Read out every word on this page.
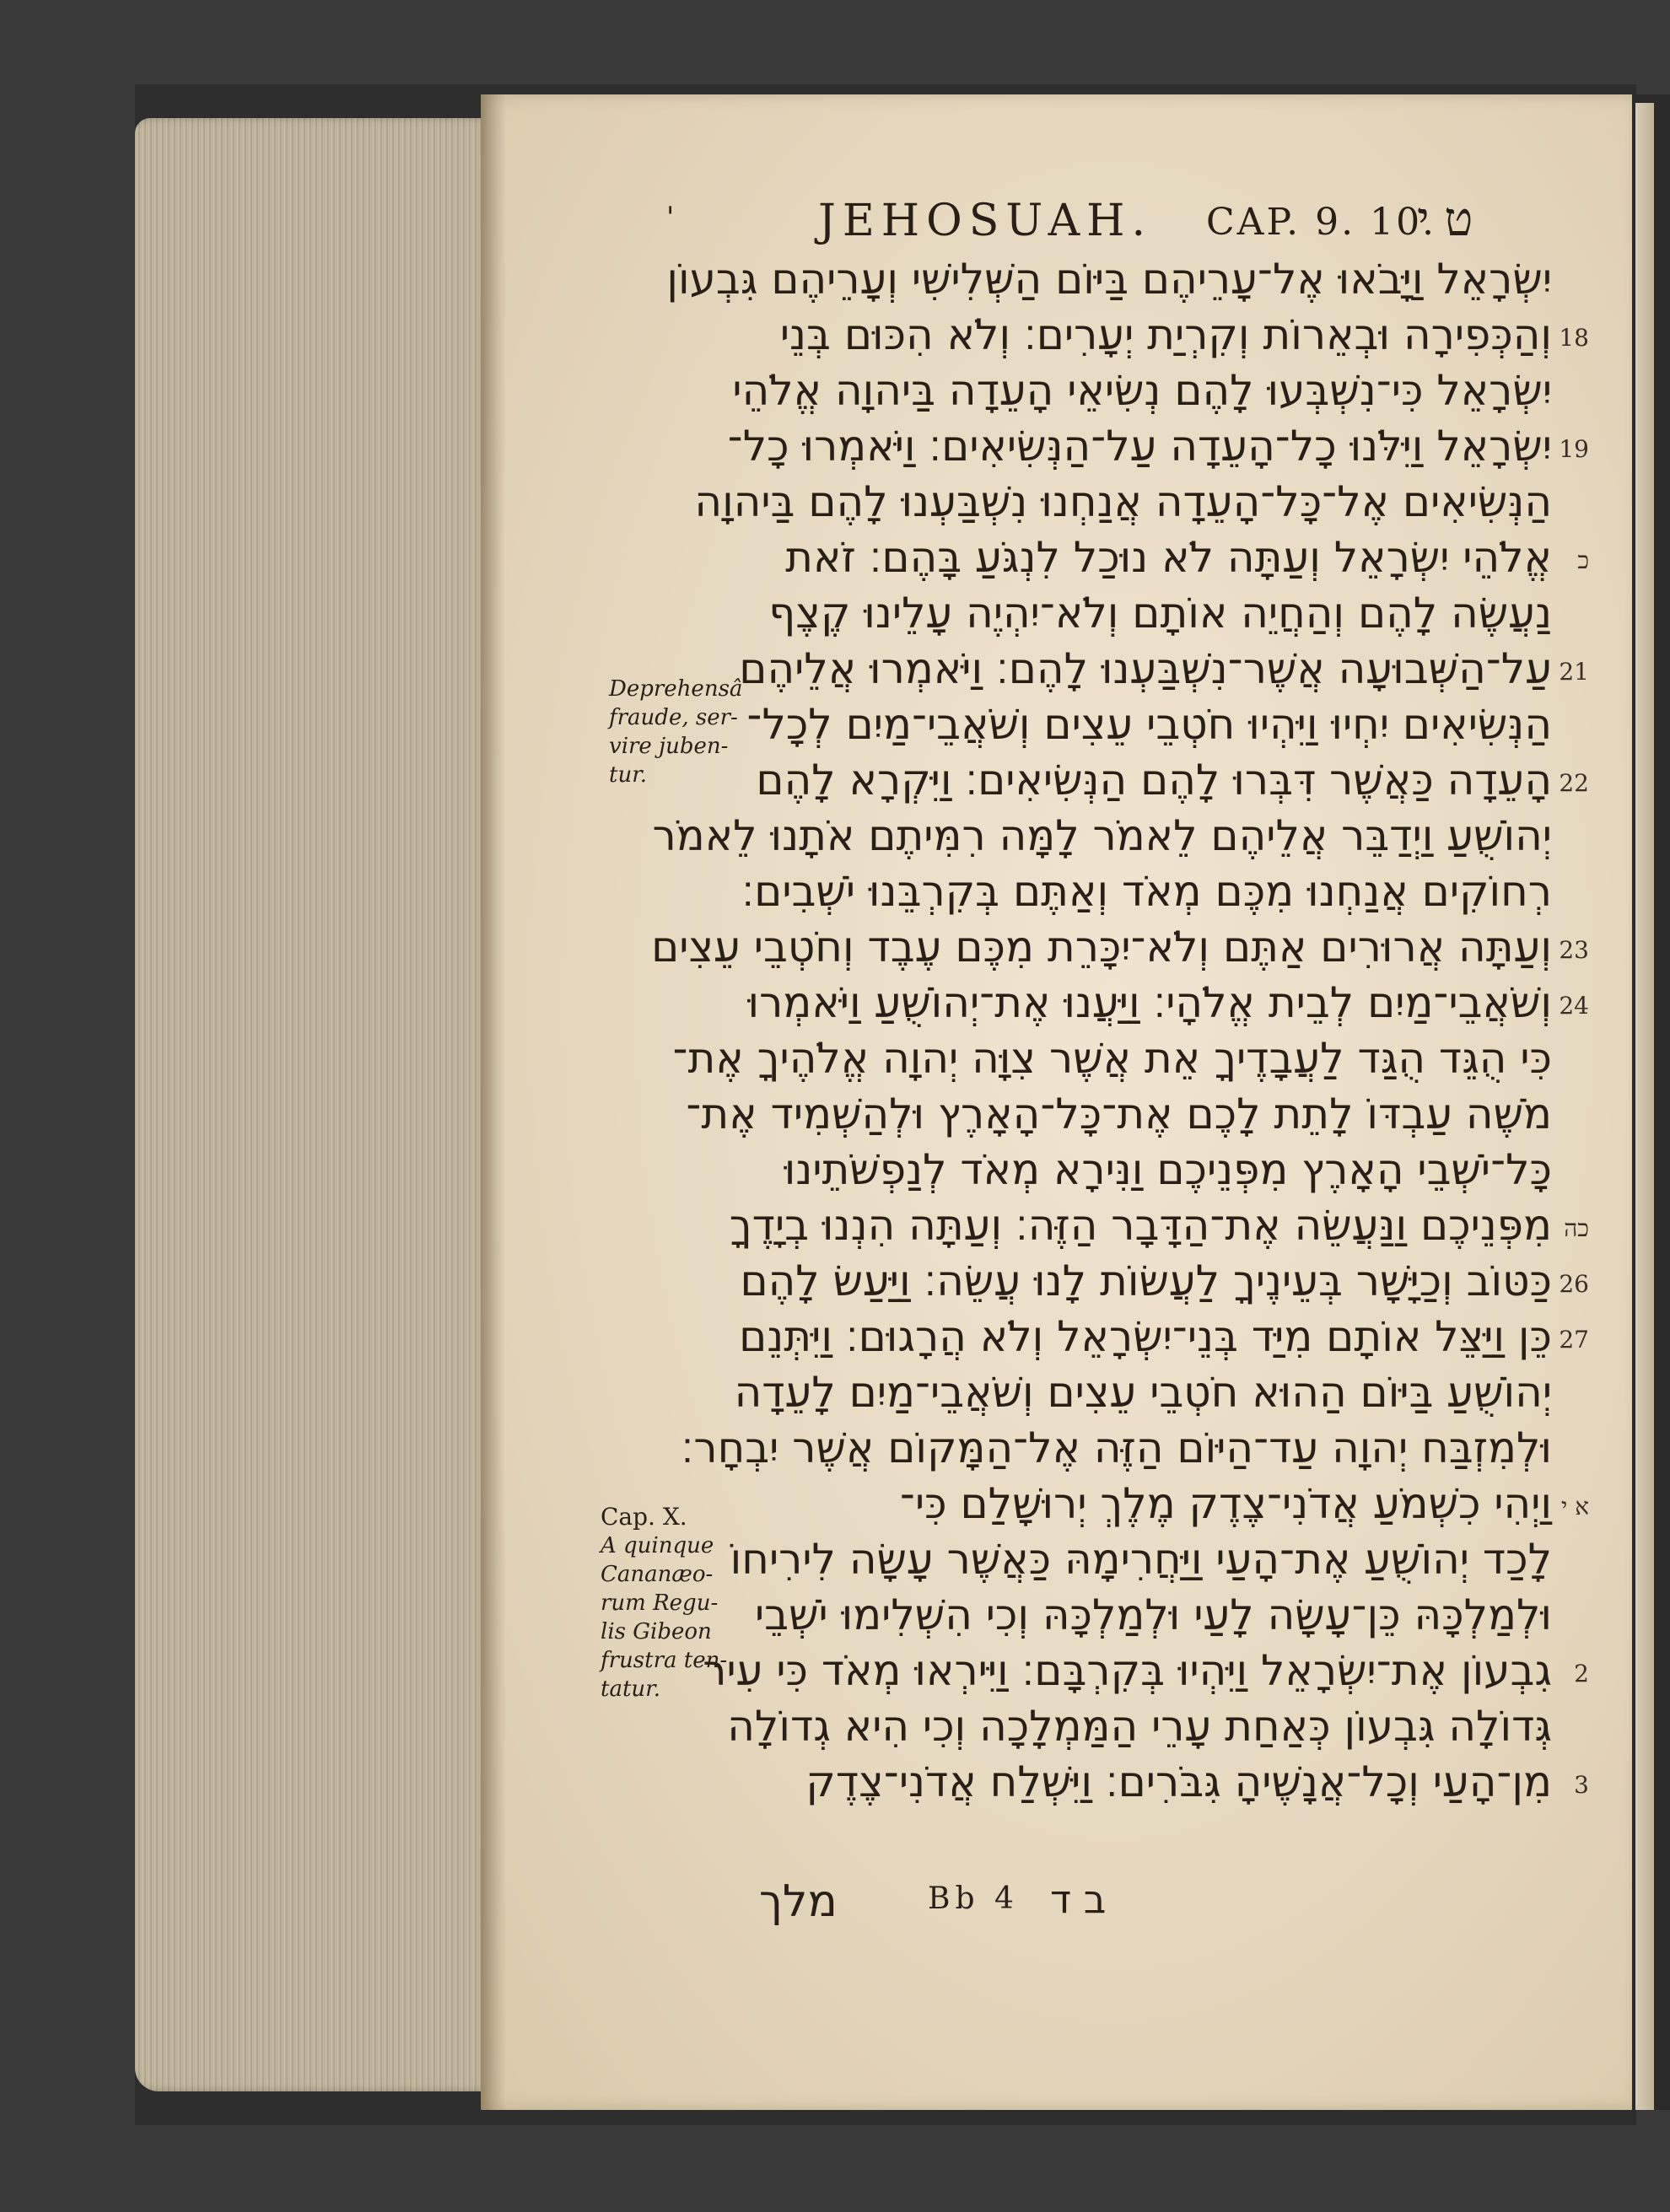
'	JEHOSUAH. CAP. 9. 10.
ט י
יִשְׂרָאֵל וַיָּבֹאוּ אֶל־עָרֵיהֶם בַּיּוֹם הַשְּׁלִישִׁי וְעָרֵיהֶם גִּבְעוֹן
וְהַכְּפִירָה וּבְאֵרוֹת וְקִרְיַת יְעָרִים׃ וְלֹא הִכּוּם בְּנֵי 18
יִשְׂרָאֵל כִּי־נִשְׁבְּעוּ לָהֶם נְשִׂיאֵי הָעֵדָה בַּיהוָה אֱלֹהֵי
יִשְׂרָאֵל וַיִּלֹּנוּ כָל־הָעֵדָה עַל־הַנְּשִׂיאִים׃ וַיֹּאמְרוּ כָל־ 19
הַנְּשִׂיאִים אֶל־כָּל־הָעֵדָה אֲנַחְנוּ נִשְׁבַּעְנוּ לָהֶם בַּיהוָה
אֱלֹהֵי יִשְׂרָאֵל וְעַתָּה לֹא נוּכַל לִנְגֹּעַ בָּהֶם׃ זֹאת כ
נַעֲשֶׂה לָהֶם וְהַחֲיֵה אוֹתָם וְלֹא־יִהְיֶה עָלֵינוּ קֶצֶף
עַל־הַשְּׁבוּעָה אֲשֶׁר־נִשְׁבַּעְנוּ לָהֶם׃ וַיֹּאמְרוּ אֲלֵיהֶם 21
הַנְּשִׂיאִים יִחְיוּ וַיִּהְיוּ חֹטְבֵי עֵצִים וְשֹׁאֲבֵי־מַיִם לְכָל־
הָעֵדָה כַּאֲשֶׁר דִּבְּרוּ לָהֶם הַנְּשִׂיאִים׃ וַיִּקְרָא לָהֶם 22
יְהוֹשֻׁעַ וַיְדַבֵּר אֲלֵיהֶם לֵאמֹר לָמָּה רִמִּיתֶם אֹתָנוּ לֵאמֹר
רְחוֹקִים אֲנַחְנוּ מִכֶּם מְאֹד וְאַתֶּם בְּקִרְבֵּנוּ יֹשְׁבִים׃
וְעַתָּה אֲרוּרִים אַתֶּם וְלֹא־יִכָּרֵת מִכֶּם עֶבֶד וְחֹטְבֵי עֵצִים 23
וְשֹׁאֲבֵי־מַיִם לְבֵית אֱלֹהָי׃ וַיַּעֲנוּ אֶת־יְהוֹשֻׁעַ וַיֹּאמְרוּ 24
כִּי הֻגֵּד הֻגַּד לַעֲבָדֶיךָ אֵת אֲשֶׁר צִוָּה יְהוָה אֱלֹהֶיךָ אֶת־
מֹשֶׁה עַבְדּוֹ לָתֵת לָכֶם אֶת־כָּל־הָאָרֶץ וּלְהַשְׁמִיד אֶת־
כָּל־יֹשְׁבֵי הָאָרֶץ מִפְּנֵיכֶם וַנִּירָא מְאֹד לְנַפְשֹׁתֵינוּ
מִפְּנֵיכֶם וַנַּעֲשֵׂה אֶת־הַדָּבָר הַזֶּה׃ וְעַתָּה הִנְנוּ בְיָדֶךָ כה
כַּטּוֹב וְכַיָּשָׁר בְּעֵינֶיךָ לַעֲשׂוֹת לָנוּ עֲשֵׂה׃ וַיַּעַשׂ לָהֶם 26
כֵּן וַיַּצֵּל אוֹתָם מִיַּד בְּנֵי־יִשְׂרָאֵל וְלֹא הֲרָגוּם׃ וַיִּתְּנֵם 27
יְהוֹשֻׁעַ בַּיּוֹם הַהוּא חֹטְבֵי עֵצִים וְשֹׁאֲבֵי־מַיִם לָעֵדָה
וּלְמִזְבַּח יְהוָה עַד־הַיּוֹם הַזֶּה אֶל־הַמָּקוֹם אֲשֶׁר יִבְחָר׃
וַיְהִי כִשְׁמֹעַ אֲדֹנִי־צֶדֶק מֶלֶךְ יְרוּשָׁלִַם כִּי־ א י
לָכַד יְהוֹשֻׁעַ אֶת־הָעַי וַיַּחֲרִימָהּ כַּאֲשֶׁר עָשָׂה לִירִיחוֹ
וּלְמַלְכָּהּ כֵּן־עָשָׂה לָעַי וּלְמַלְכָּהּ וְכִי הִשְׁלִימוּ יֹשְׁבֵי
גִבְעוֹן אֶת־יִשְׂרָאֵל וַיִּהְיוּ בְּקִרְבָּם׃ וַיִּירְאוּ מְאֹד כִּי עִיר 2
גְּדוֹלָה גִּבְעוֹן כְּאַחַת עָרֵי הַמַּמְלָכָה וְכִי הִיא גְדוֹלָה
מִן־הָעַי וְכָל־אֲנָשֶׁיהָ גִּבֹּרִים׃ וַיִּשְׁלַח אֲדֹנִי־צֶדֶק 3
Deprehensâ fraude, ser- vire juben- tur.
Cap. X.
A quinque Cananæo- rum Regu- lis Gibeon frustra ten- tatur.
מלך	Bb 4 ב ד
